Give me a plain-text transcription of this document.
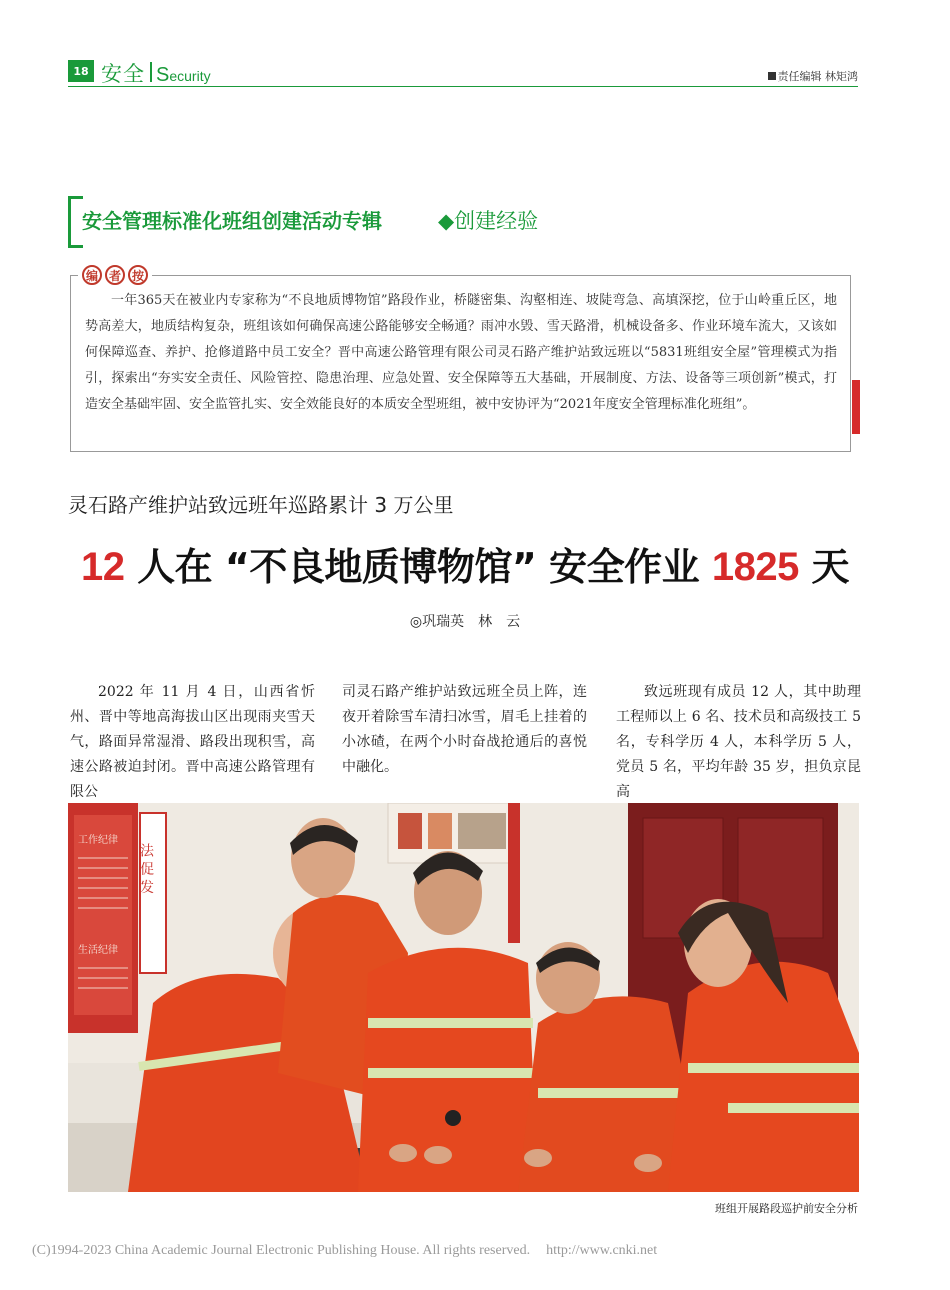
18 安全 Security	责任编辑 林矩鸿
安全管理标准化班组创建活动专辑	◆创建经验
编 者 按
一年365天在被业内专家称为“不良地质博物馆”路段作业，桥隧密集、沟壑相连、坡陡弯急、高填深挖，位于山岭重丘区，地势高差大，地质结构复杂，班组该如何确保高速公路能够安全畅通？雨冲水毁、雪天路滑，机械设备多、作业环境车流大，又该如何保障巡查、养护、抢修道路中员工安全？晋中高速公路管理有限公司灵石路产维护站致远班以“5831班组安全屋”管理模式为指引，探索出“夯实安全责任、风险管控、隐患治理、应急处置、安全保障等五大基础，开展制度、方法、设备等三项创新”模式，打造安全基础牢固、安全监管扎实、安全效能良好的本质安全型班组，被中安协评为“2021年度安全管理标准化班组”。
灵石路产维护站致远班年巡路累计 3 万公里
12 人在 “不良地质博物馆” 安全作业 1825 天
◎巩瑞英　林　云
2022 年 11 月 4 日，山西省忻州、晋中等地高海拔山区出现雨夹雪天气，路面异常湿滑、路段出现积雪，高速公路被迫封闭。晋中高速公路管理有限公
司灵石路产维护站致远班全员上阵，连夜开着除雪车清扫冰雪，眉毛上挂着的小冰碴，在两个小时奋战抢通后的喜悦中融化。
致远班现有成员 12 人，其中助理工程师以上 6 名、技术员和高级技工 5 名，专科学历 4 人，本科学历 5 人，党员 5 名，平均年龄 35 岁，担负京昆高
工作纪律
生活纪律
法 促 发
班组开展路段巡护前安全分析
(C)1994-2023 China Academic Journal Electronic Publishing House. All rights reserved. http://www.cnki.net
